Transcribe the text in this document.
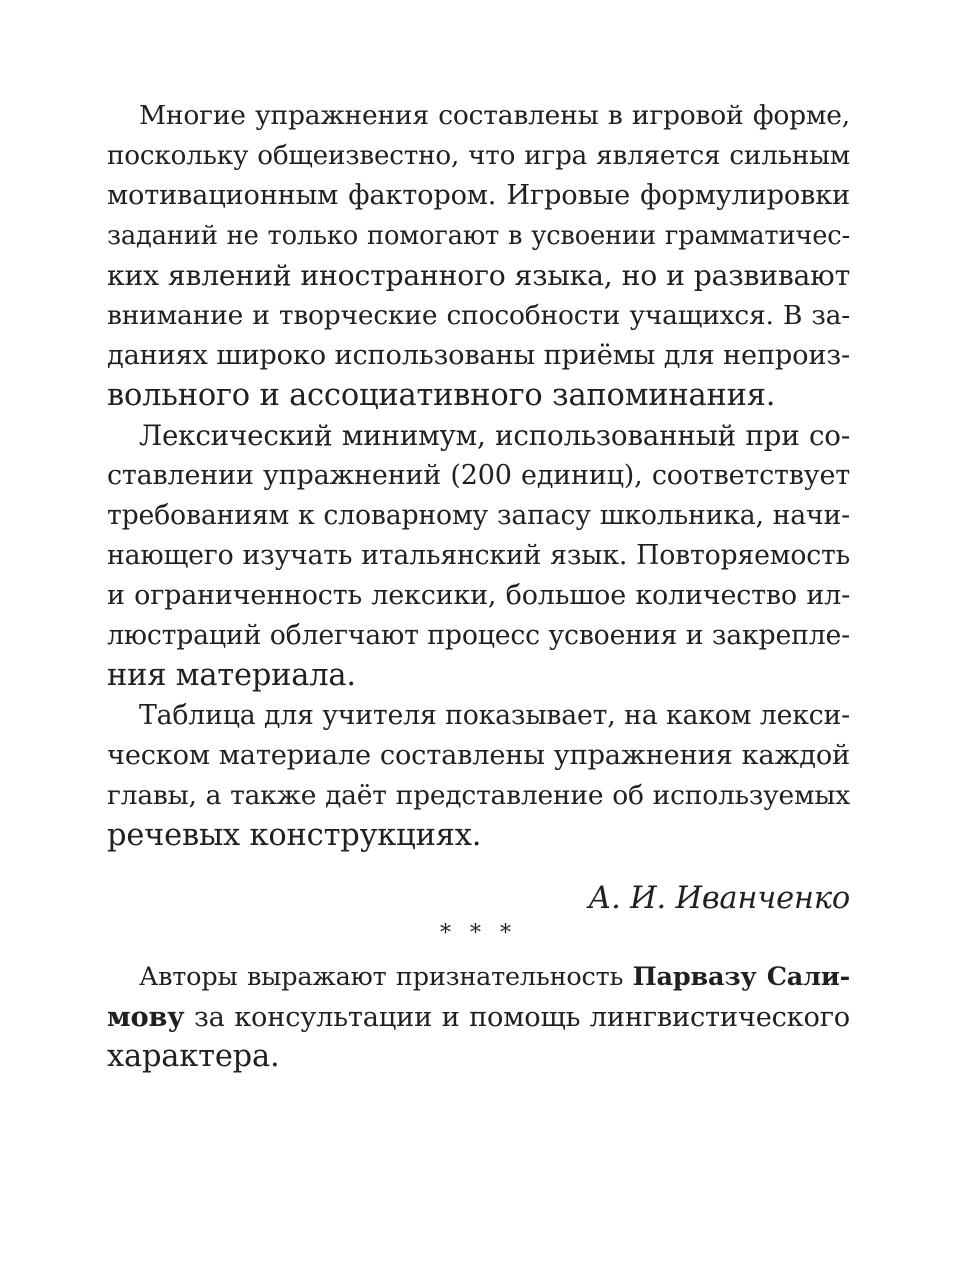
Многие упражнения составлены в игровой форме,
поскольку общеизвестно, что игра является сильным
мотивационным фактором. Игровые формулировки
заданий не только помогают в усвоении грамматичес-
ких явлений иностранного языка, но и развивают
внимание и творческие способности учащихся. В за-
даниях широко использованы приёмы для непроиз-
вольного и ассоциативного запоминания.
Лексический минимум, использованный при со-
ставлении упражнений (200 единиц), соответствует
требованиям к словарному запасу школьника, начи-
нающего изучать итальянский язык. Повторяемость
и ограниченность лексики, большое количество ил-
люстраций облегчают процесс усвоения и закрепле-
ния материала.
Таблица для учителя показывает, на каком лекси-
ческом материале составлены упражнения каждой
главы, а также даёт представление об используемых
речевых конструкциях.
А. И. Иванченко
* * *
Авторы выражают признательность Парвазу Сали-
мову за консультации и помощь лингвистического
характера.
